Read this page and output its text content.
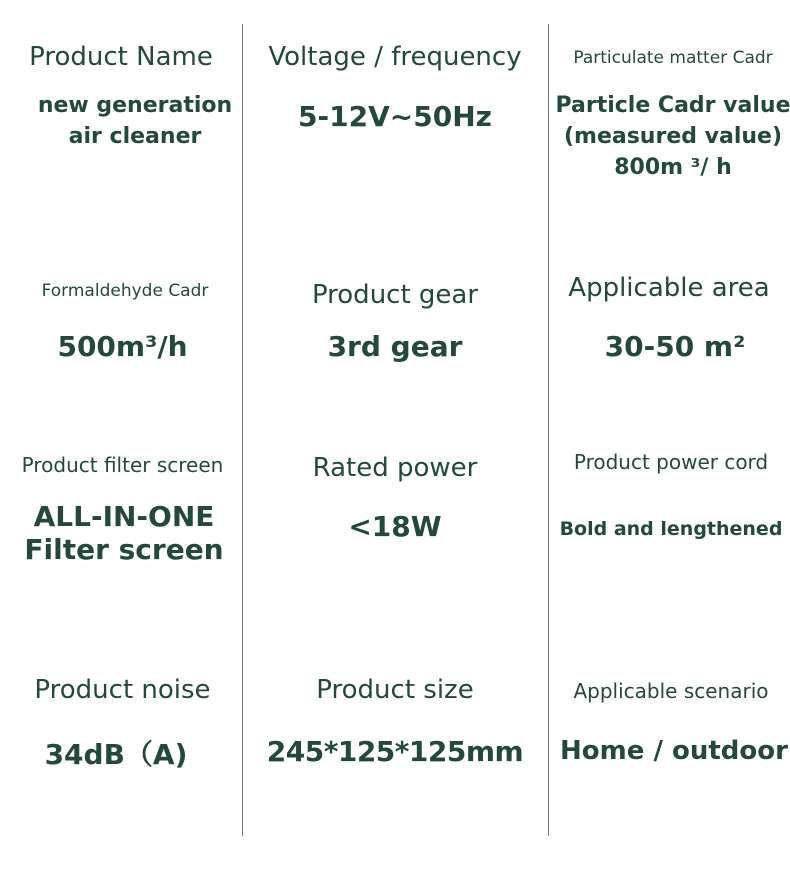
Product Name
new generation
air cleaner
Voltage / frequency
5-12V~50Hz
Particulate matter Cadr
Particle Cadr value
(measured value)
800m ³/ h
Formaldehyde Cadr
500m³/h
Product gear
3rd gear
Applicable area
30-50 m²
Product filter screen
ALL-IN-ONE
Filter screen
Rated power
<18W
Product power cord
Bold and lengthened
Product noise
34dB（A)
Product size
245*125*125mm
Applicable scenario
Home / outdoor
